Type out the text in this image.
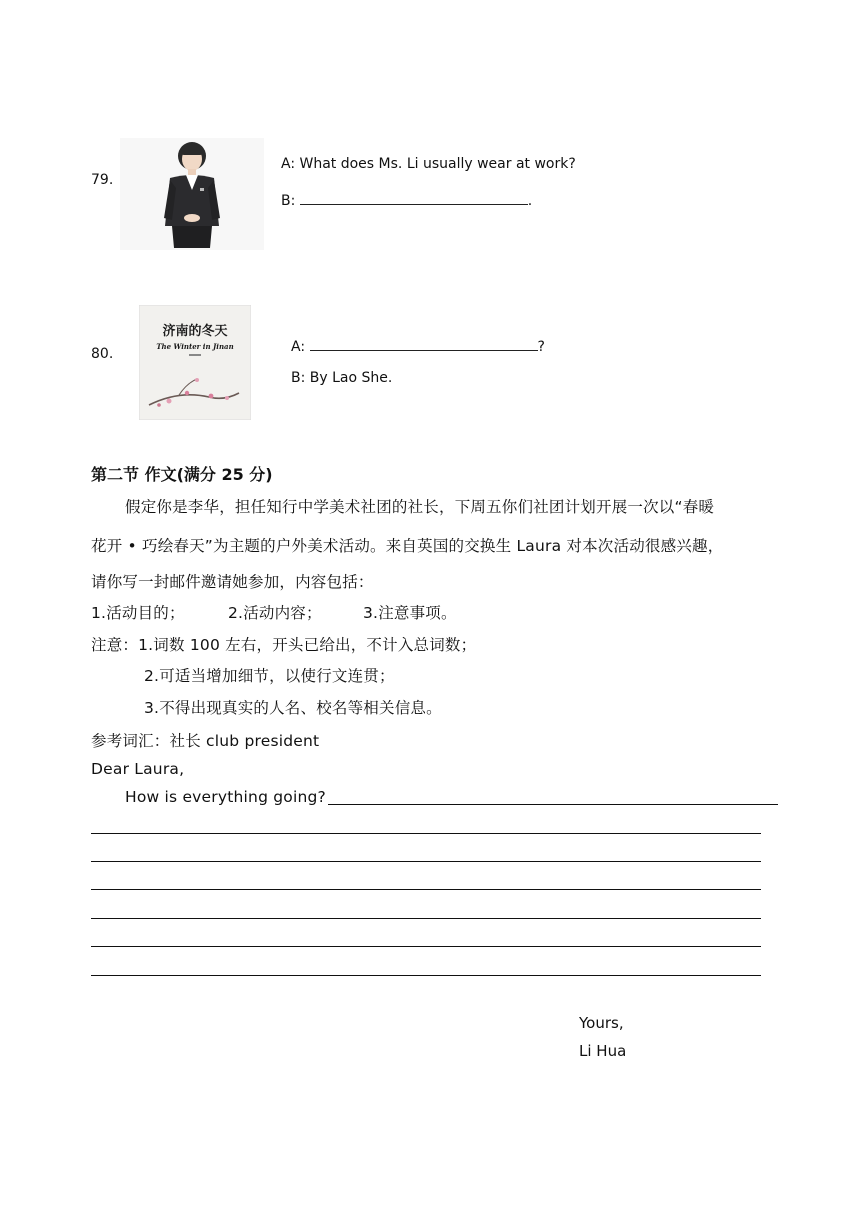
79.
A: What does Ms. Li usually wear at work?
B:	.
80.
济南的冬天
The Winter in Jinan	A:	?
B: By Lao She.
第二节 作文(满分 25 分)
假定你是李华，担任知行中学美术社团的社长，下周五你们社团计划开展一次以“春暖
花开 • 巧绘春天”为主题的户外美术活动。来自英国的交换生 Laura 对本次活动很感兴趣，
请你写一封邮件邀请她参加，内容包括：
1.活动目的；	2.活动内容；	3.注意事项。
注意：1.词数 100 左右，开头已给出，不计入总词数；
2.可适当增加细节，以使行文连贯；
3.不得出现真实的人名、校名等相关信息。
参考词汇：社长 club president
Dear Laura,
How is everything going?
Yours,
Li Hua
